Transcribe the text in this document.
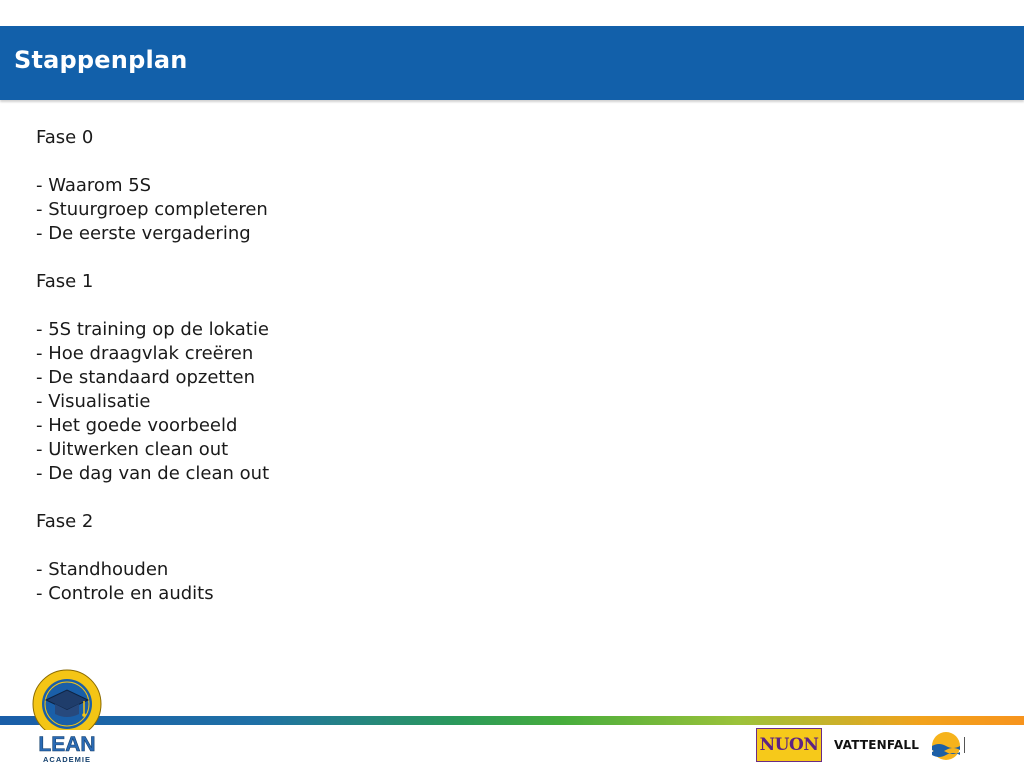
Stappenplan
Fase 0
- Waarom 5S
- Stuurgroep completeren
- De eerste vergadering
Fase 1
- 5S training op de lokatie
- Hoe draagvlak creëren
- De standaard opzetten
- Visualisatie
- Het goede voorbeeld
- Uitwerken clean out
- De dag van de clean out
Fase 2
- Standhouden
- Controle en audits
LEAN
ACADEMIE
NUON VATTENFALL
